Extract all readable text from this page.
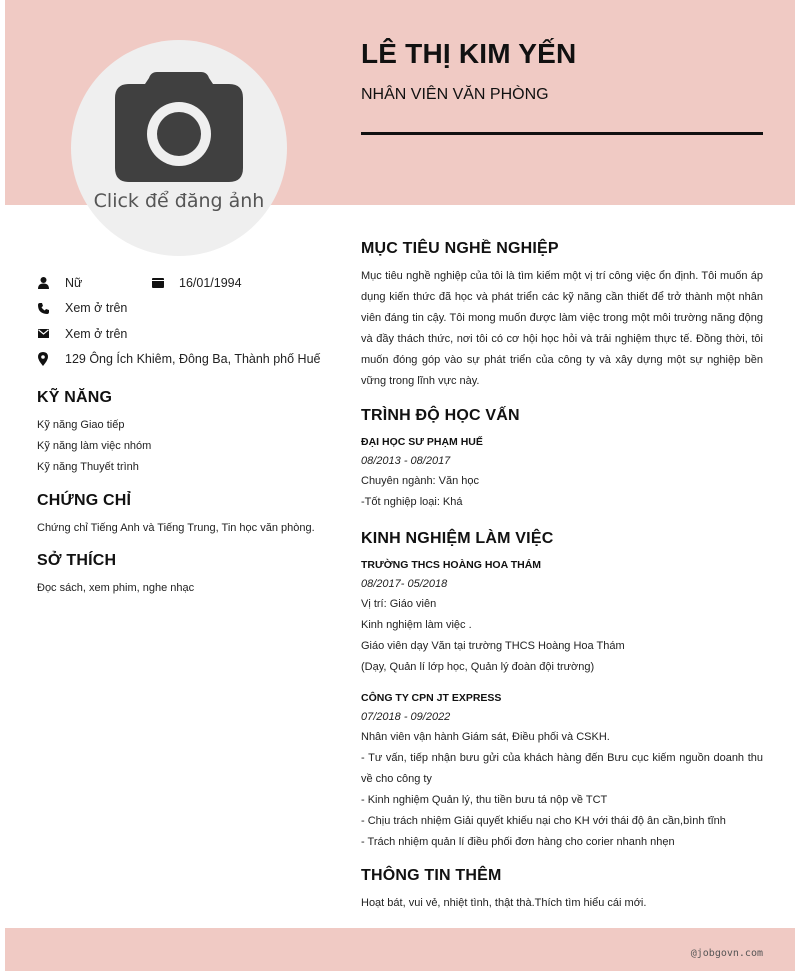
Click để đăng ảnh
LÊ THỊ KIM YẾN
NHÂN VIÊN VĂN PHÒNG
Nữ	16/01/1994
Xem ở trên
Xem ở trên
129 Ông Ích Khiêm, Đông Ba, Thành phố Huế
KỸ NĂNG
Kỹ năng Giao tiếp
Kỹ năng làm việc nhóm
Kỹ năng Thuyết trình
CHỨNG CHỈ
Chứng chỉ Tiếng Anh và Tiếng Trung, Tin học văn phòng.
SỞ THÍCH
Đọc sách, xem phim, nghe nhạc
MỤC TIÊU NGHỀ NGHIỆP
Mục tiêu nghề nghiệp của tôi là tìm kiếm một vị trí công việc ổn định. Tôi muốn áp dụng kiến thức đã học và phát triển các kỹ năng cần thiết để trở thành một nhân viên đáng tin cậy. Tôi mong muốn được làm việc trong một môi trường năng động và đầy thách thức, nơi tôi có cơ hội học hỏi và trải nghiệm thực tế. Đồng thời, tôi muốn đóng góp vào sự phát triển của công ty và xây dựng một sự nghiệp bền vững trong lĩnh vực này.
TRÌNH ĐỘ HỌC VẤN
ĐẠI HỌC SƯ PHẠM HUẾ
08/2013 - 08/2017
Chuyên ngành: Văn học
-Tốt nghiệp loại: Khá
KINH NGHIỆM LÀM VIỆC
TRƯỜNG THCS HOÀNG HOA THÁM
08/2017- 05/2018
Vị trí: Giáo viên
Kinh nghiệm làm việc .
Giáo viên dạy Văn tại trường THCS Hoàng Hoa Thám
(Dạy, Quản lí lớp học, Quản lý đoàn đội trường)
CÔNG TY CPN JT EXPRESS
07/2018 - 09/2022
Nhân viên vận hành Giám sát, Điều phối và CSKH.
- Tư vấn, tiếp nhận bưu gửi của khách hàng đến Bưu cục kiếm nguồn doanh thu về cho công ty
- Kinh nghiệm Quản lý, thu tiền bưu tá nộp về TCT
- Chịu trách nhiệm Giải quyết khiếu nại cho KH với thái độ ân cần,bình tĩnh
- Trách nhiệm quản lí điều phối đơn hàng cho corier nhanh nhẹn
THÔNG TIN THÊM
Hoạt bát, vui vẻ, nhiệt tình, thật thà.Thích tìm hiểu cái mới.
@jobgovn.com
